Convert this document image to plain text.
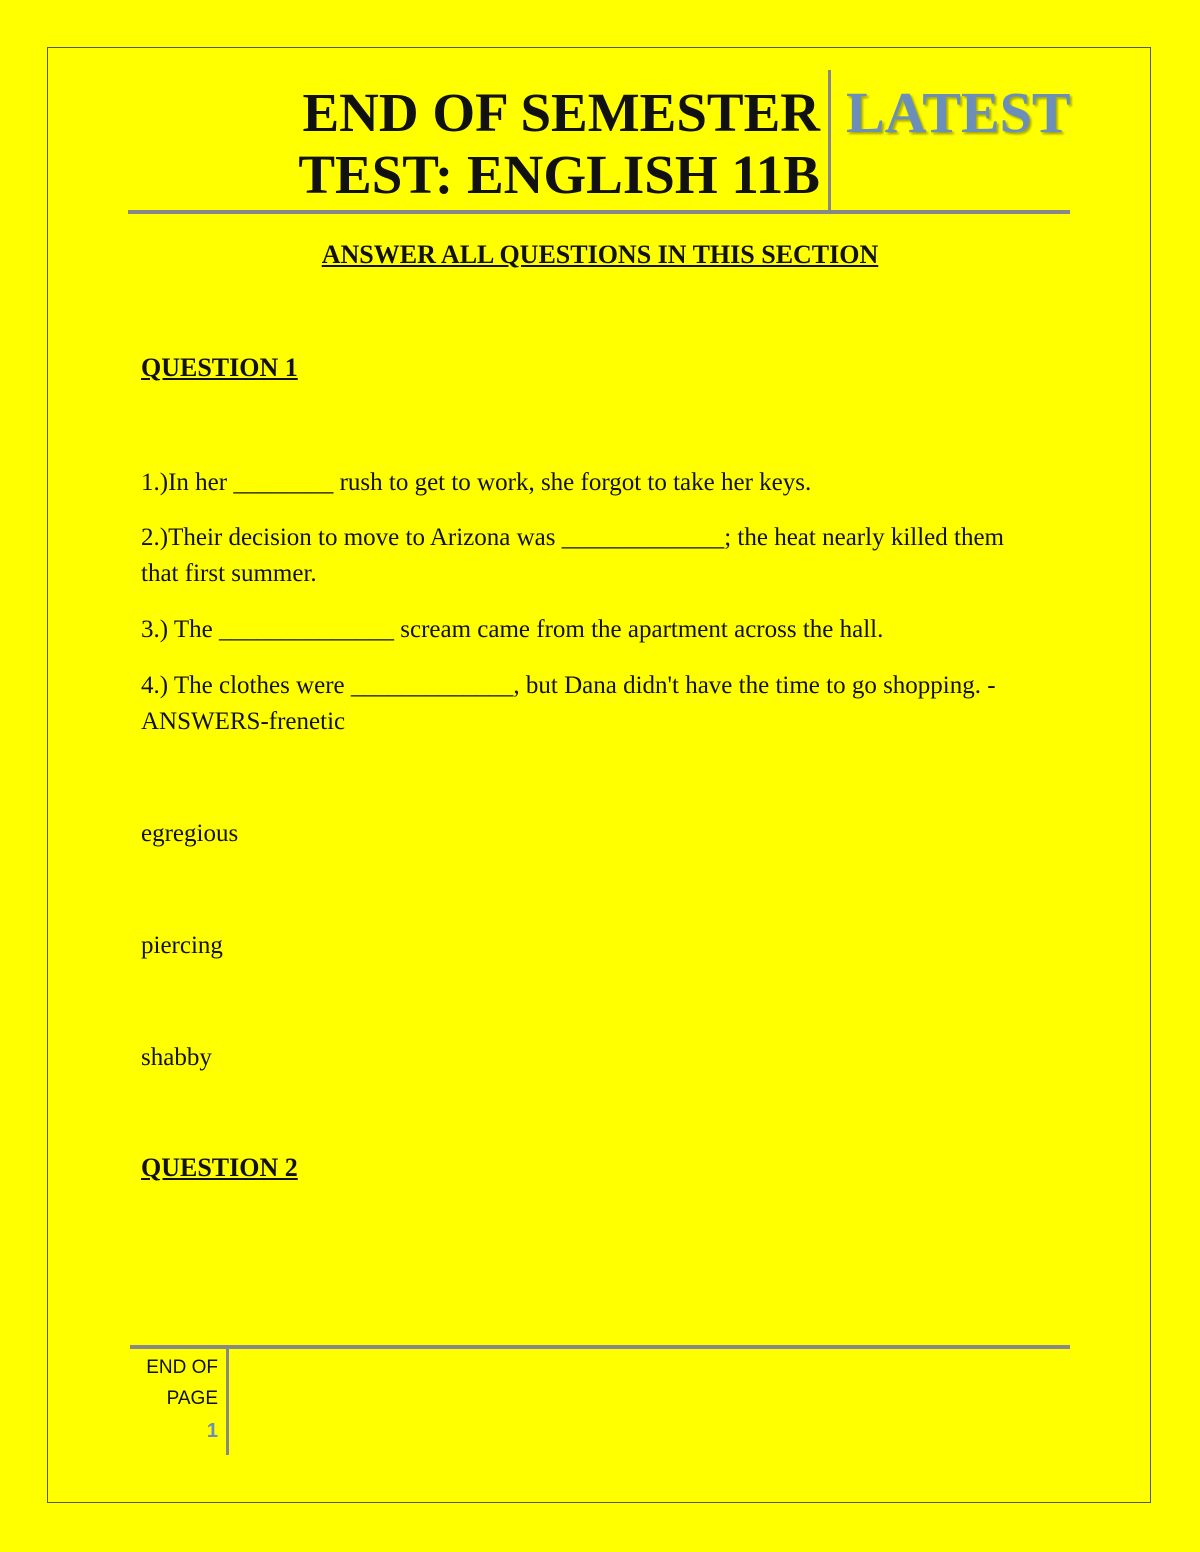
END OF SEMESTER
TEST: ENGLISH 11B
LATEST
ANSWER ALL QUESTIONS IN THIS SECTION
QUESTION 1
1.)In her ________ rush to get to work, she forgot to take her keys.
2.)Their decision to move to Arizona was _____________; the heat nearly killed them that first summer.
3.) The ______________ scream came from the apartment across the hall.
4.) The clothes were _____________, but Dana didn't have the time to go shopping. - ANSWERS-frenetic
egregious
piercing
shabby
QUESTION 2
END OF
PAGE
1
